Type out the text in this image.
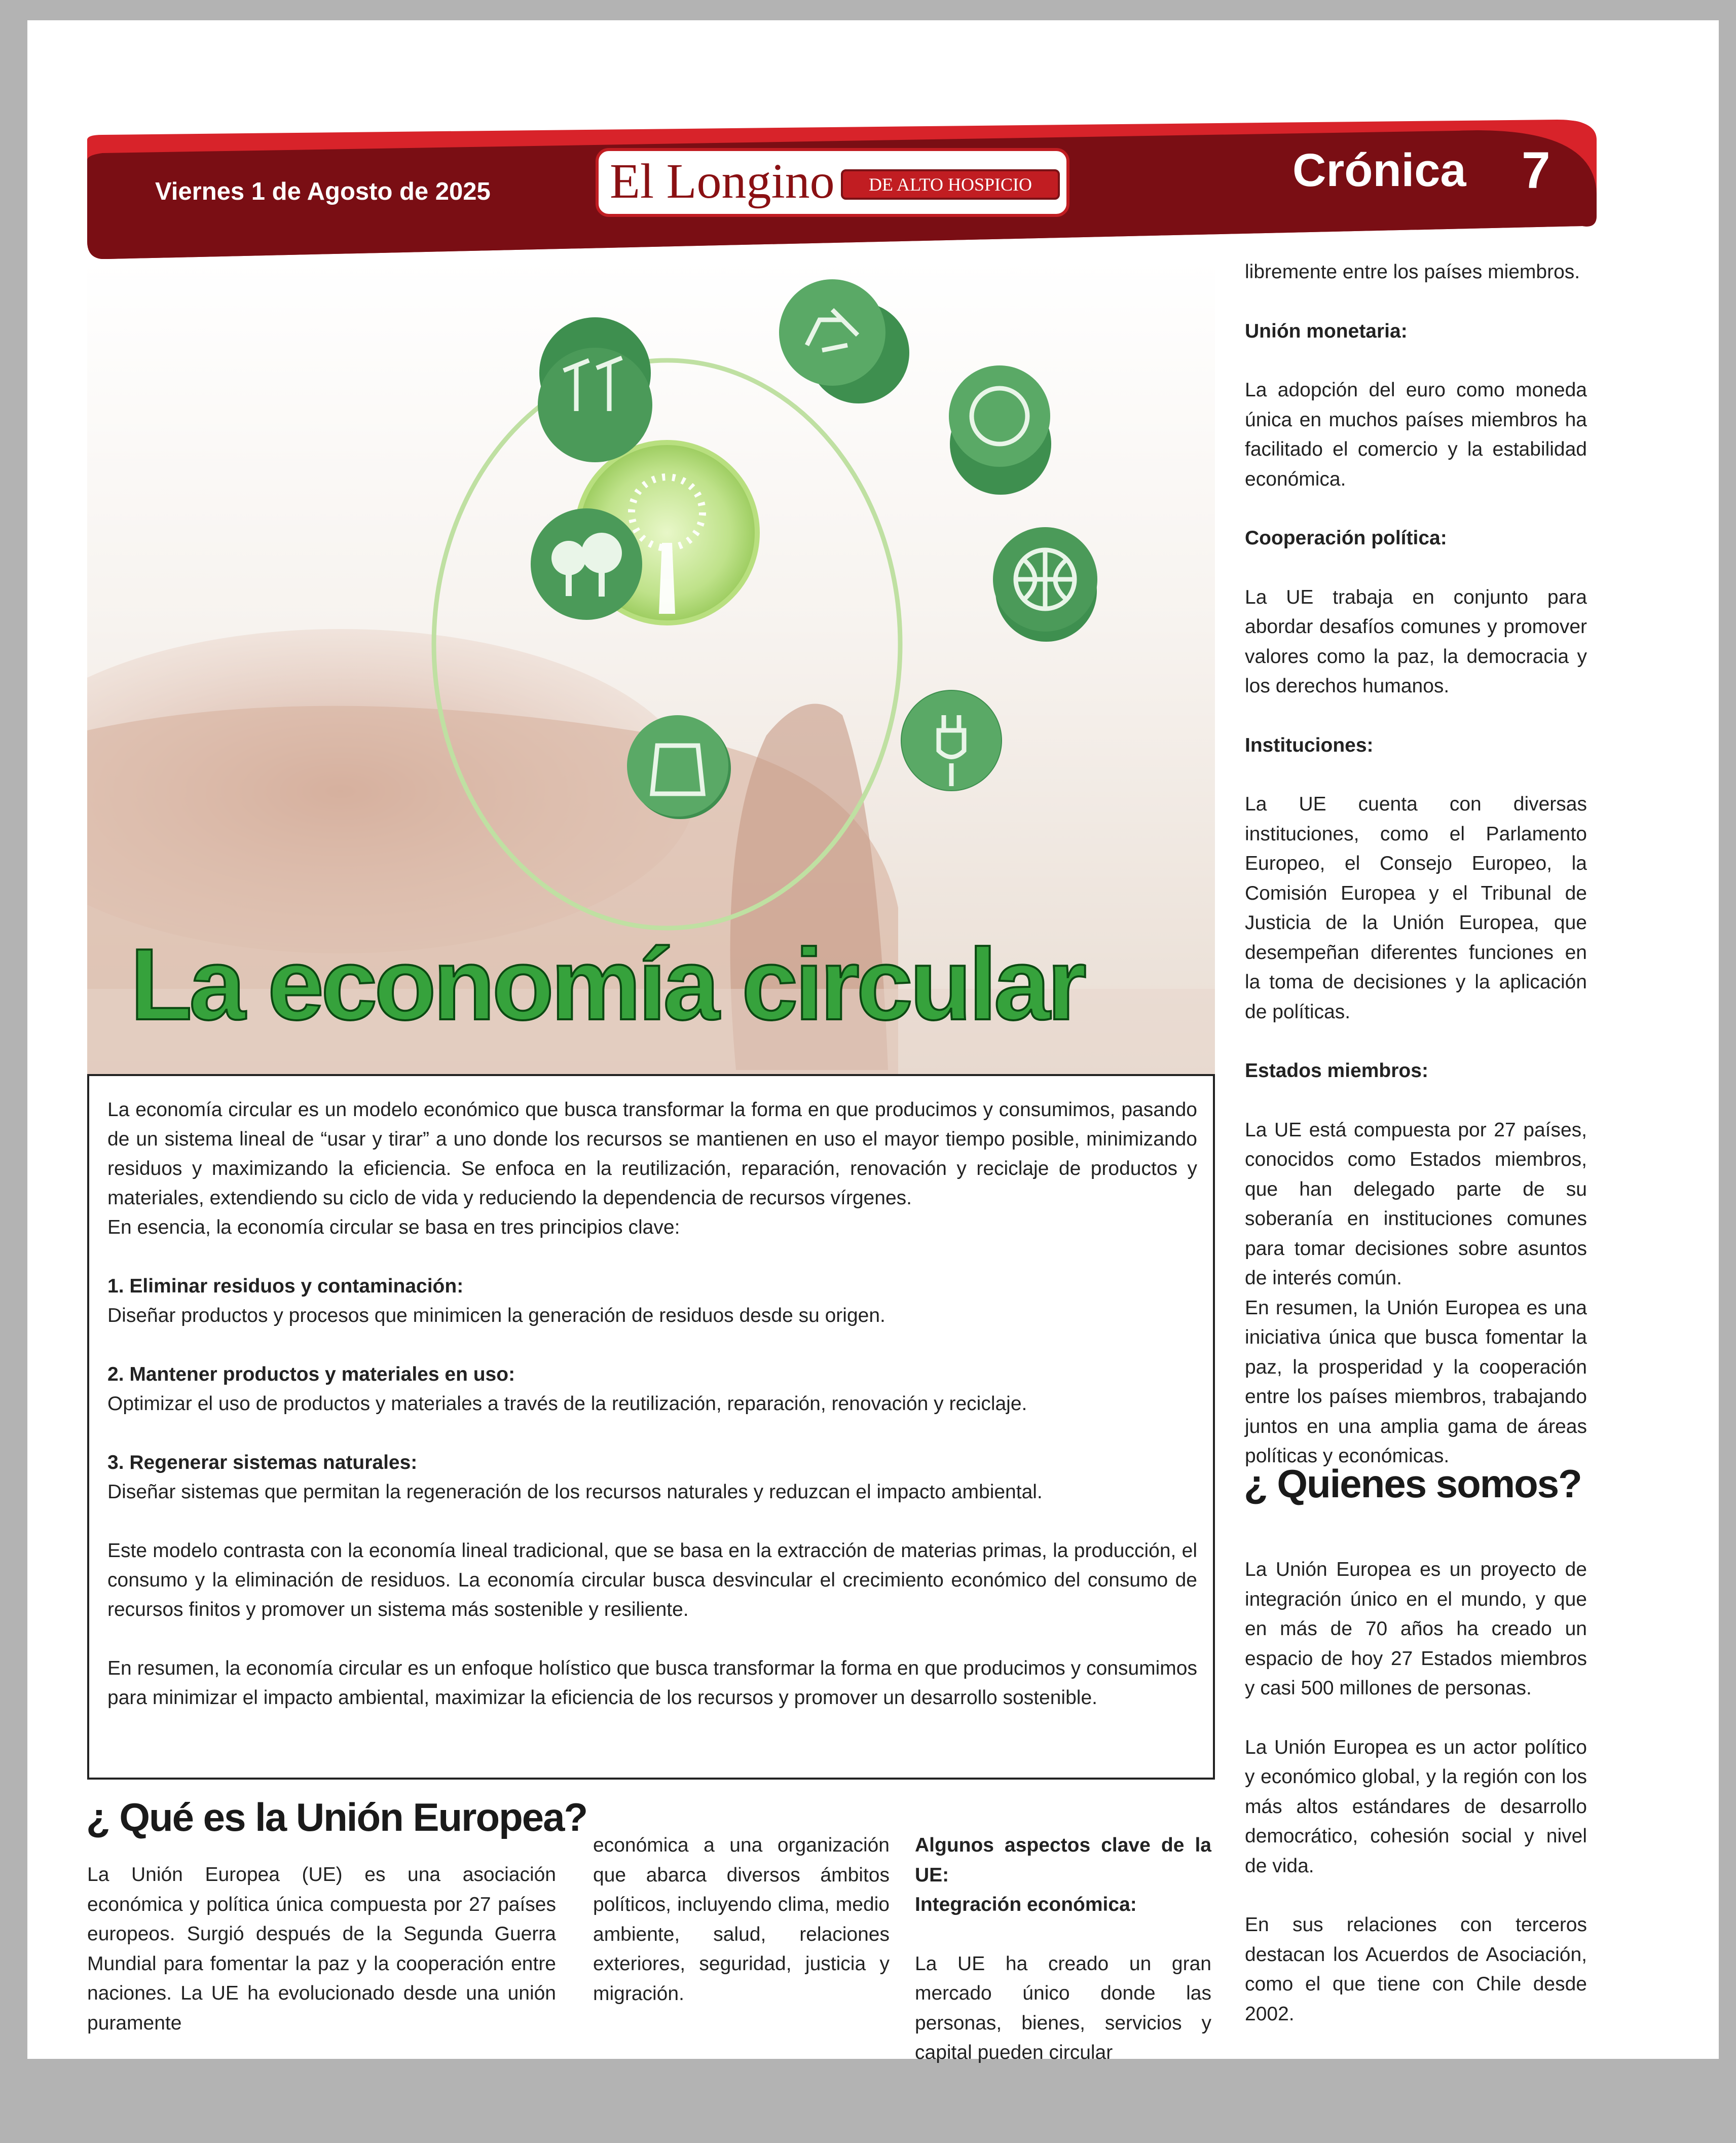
Viernes 1 de Agosto de 2025 El Longino	DE ALTO HOSPICIO	Crónica 7
La economía circular

La economía circular es un modelo económico que busca transformar la forma en que producimos y consumimos, pasando de un sistema lineal de “usar y tirar” a uno donde los recursos se mantienen en uso el mayor tiempo posible, minimizando residuos y maximizando la eficiencia. Se enfoca en la reutilización, reparación, renovación y reciclaje de productos y materiales, extendiendo su ciclo de vida y reduciendo la dependencia de recursos vírgenes.

En esencia, la economía circular se basa en tres principios clave:

1. Eliminar residuos y contaminación:

Diseñar productos y procesos que minimicen la generación de residuos desde su origen.

2. Mantener productos y materiales en uso:

Optimizar el uso de productos y materiales a través de la reutilización, reparación, renovación y reciclaje.

3. Regenerar sistemas naturales:

Diseñar sistemas que permitan la regeneración de los recursos naturales y reduzcan el impacto ambiental.

Este modelo contrasta con la economía lineal tradicional, que se basa en la extracción de materias primas, la producción, el consumo y la eliminación de residuos. La economía circular busca desvincular el crecimiento económico del consumo de recursos finitos y promover un sistema más sostenible y resiliente.

En resumen, la economía circular es un enfoque holístico que busca transformar la forma en que producimos y consumimos para minimizar el impacto ambiental, maximizar la eficiencia de los recursos y promover un desarrollo sostenible.

¿ Qué es la Unión Europea?

La Unión Europea (UE) es una asociación económica y política única compuesta por 27 países europeos. Surgió después de la Segunda Guerra Mundial para fomentar la paz y la cooperación entre naciones. La UE ha evolucionado desde una unión puramente

económica a una organización que abarca diversos ámbitos políticos, incluyendo clima, medio ambiente, salud, relaciones exteriores, seguridad, justicia y migración.

Algunos aspectos clave de la UE:

Integración económica:

La UE ha creado un gran mercado único donde las personas, bienes, servicios y capital pueden circular

libremente entre los países miembros.

Unión monetaria:

La adopción del euro como moneda única en muchos países miembros ha facilitado el comercio y la estabilidad económica.

Cooperación política:

La UE trabaja en conjunto para abordar desafíos comunes y promover valores como la paz, la democracia y los derechos humanos.

Instituciones:

La UE cuenta con diversas instituciones, como el Parlamento Europeo, el Consejo Europeo, la Comisión Europea y el Tribunal de Justicia de la Unión Europea, que desempeñan diferentes funciones en la toma de decisiones y la aplicación de políticas.

Estados miembros:

La UE está compuesta por 27 países, conocidos como Estados miembros, que han delegado parte de su soberanía en instituciones comunes para tomar decisiones sobre asuntos de interés común.

En resumen, la Unión Europea es una iniciativa única que busca fomentar la paz, la prosperidad y la cooperación entre los países miembros, trabajando juntos en una amplia gama de áreas políticas y económicas.

¿ Quienes somos?

La Unión Europea es un proyecto de integración único en el mundo, y que en más de 70 años ha creado un espacio de hoy 27 Estados miembros y casi 500 millones de personas.

La Unión Europea es un actor político y económico global, y la región con los más altos estándares de desarrollo democrático, cohesión social y nivel de vida.

En sus relaciones con terceros destacan los Acuerdos de Asociación, como el que tiene con Chile desde 2002.
